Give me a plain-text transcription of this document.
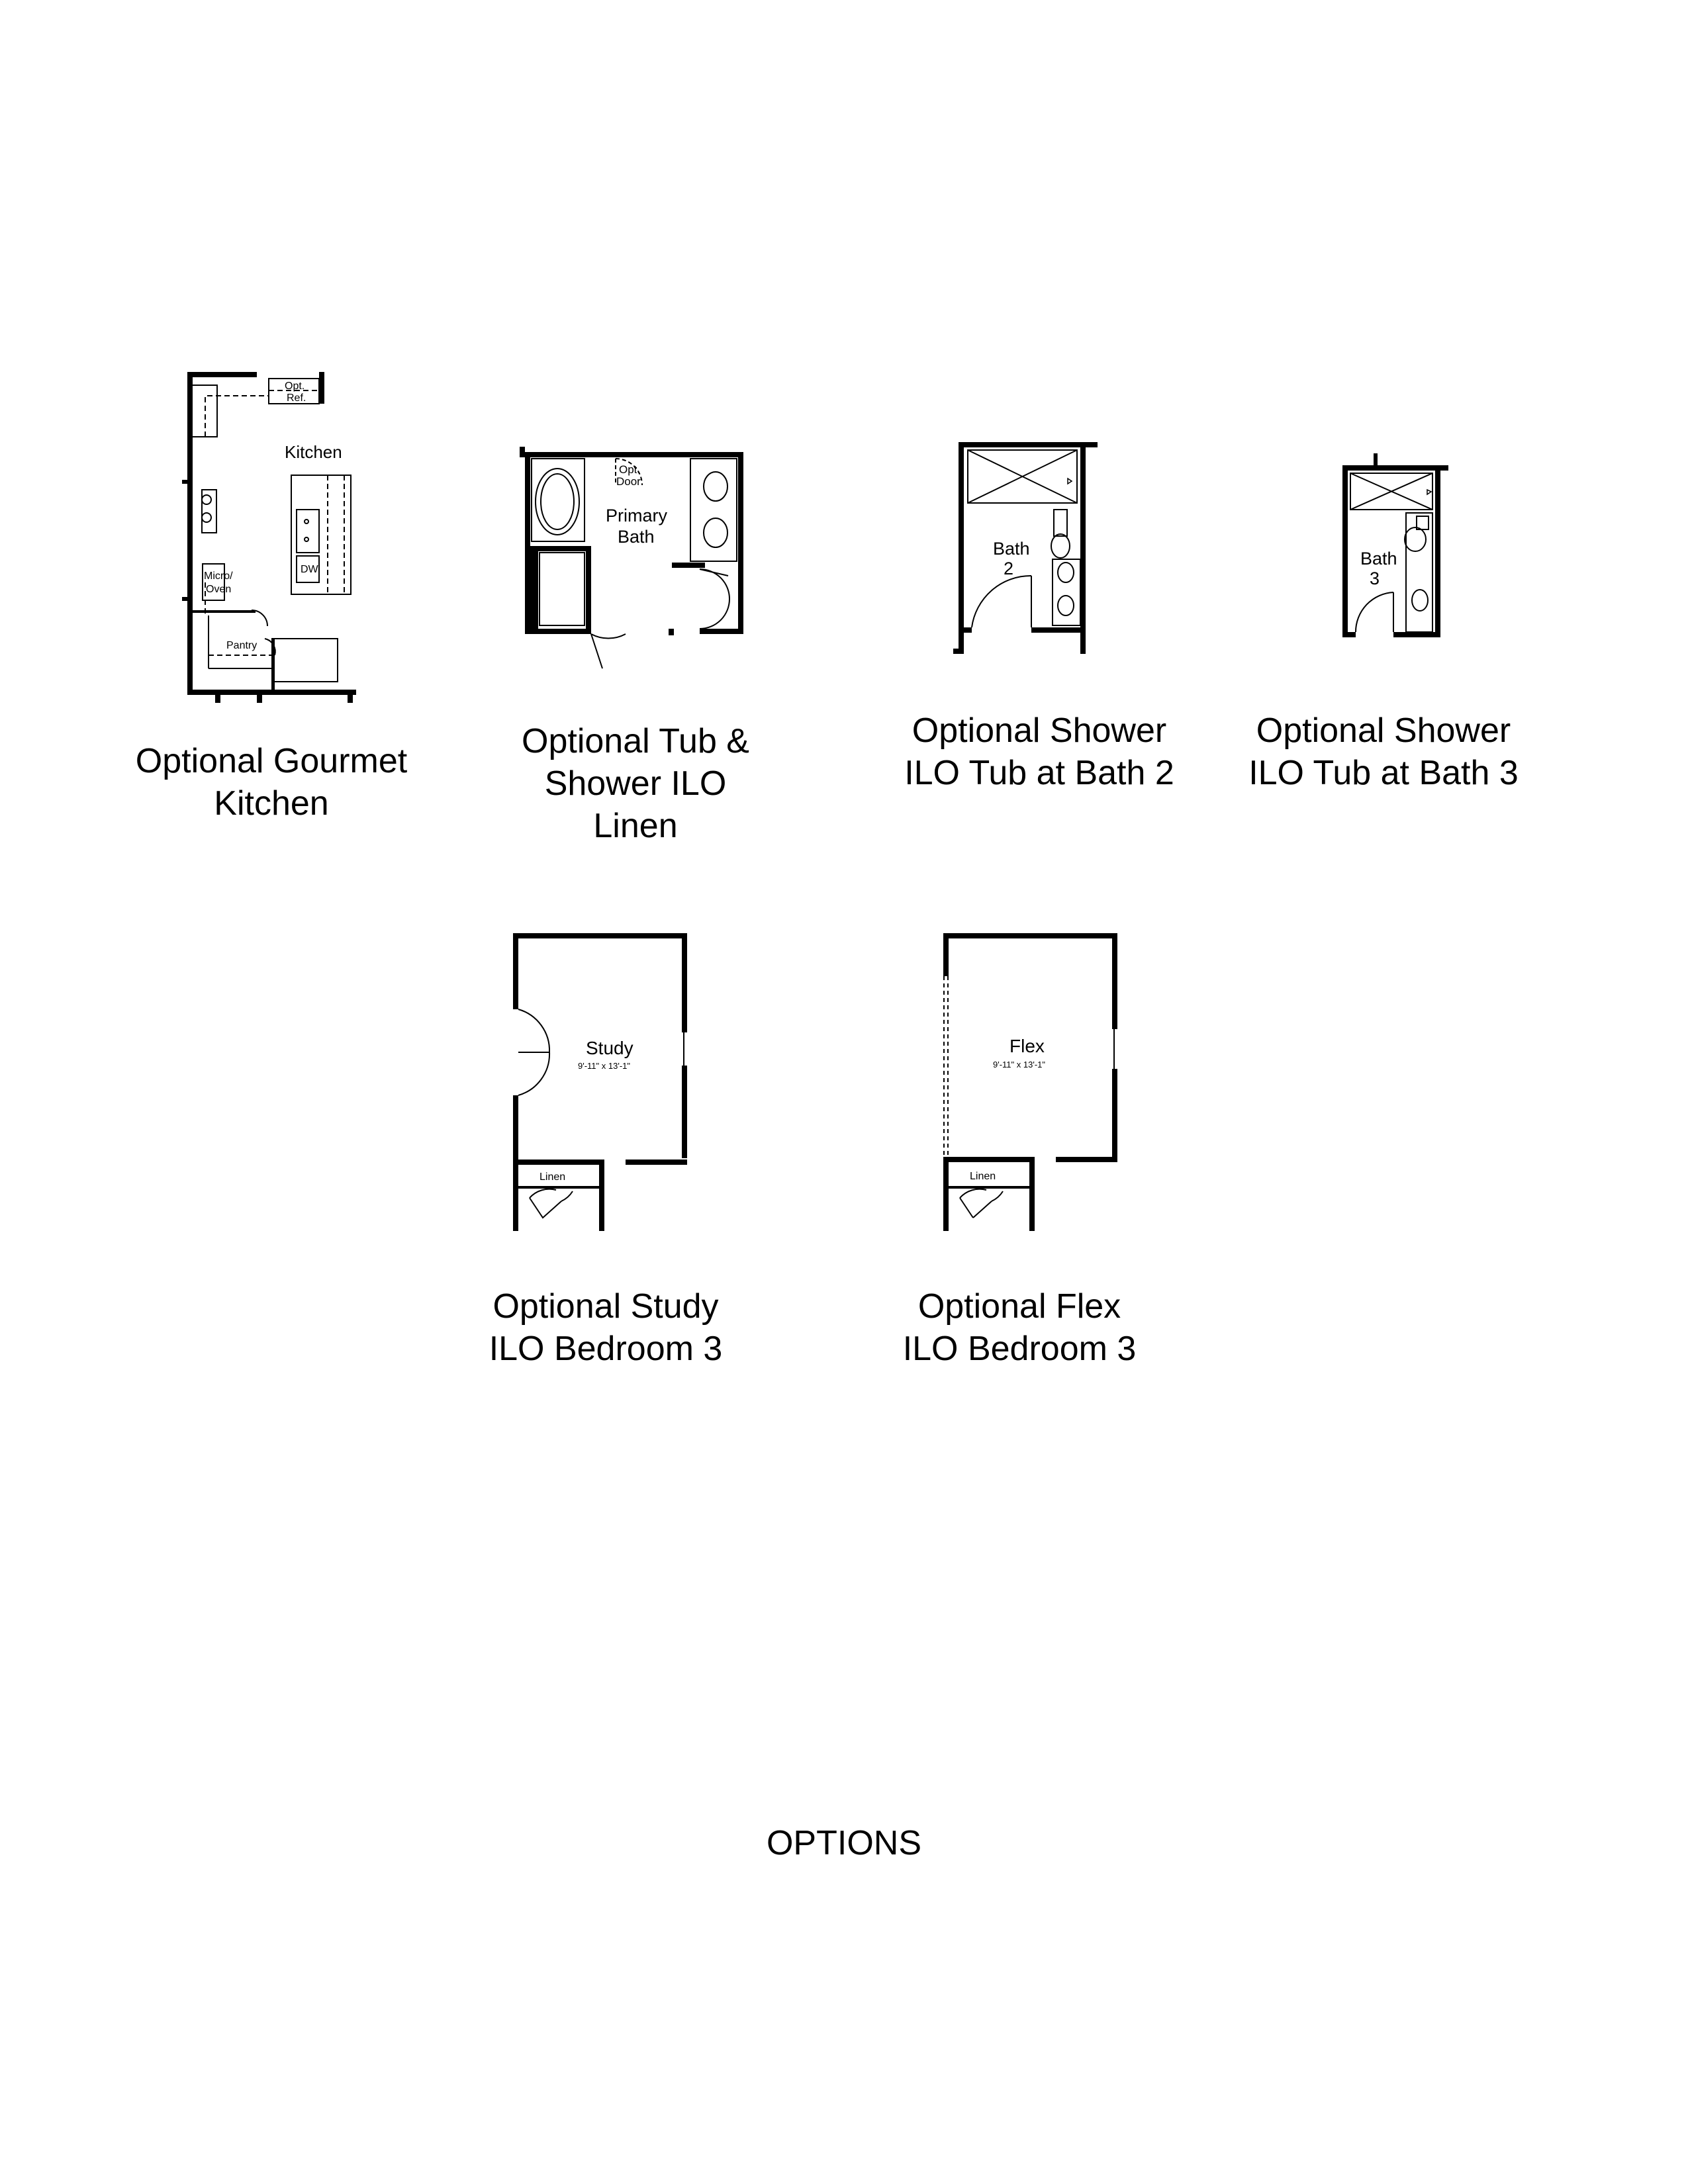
Kitchen
Opt.
Ref.
Micro/
Oven
DW
Pantry
Optional Gourmet
Kitchen
Opt.
Door
Primary
Bath
Optional Tub &
Shower ILO
Linen
Bath
2
Optional Shower
ILO Tub at Bath 2
Bath
3
Optional Shower
ILO Tub at Bath 3
Study
9'-11" x 13'-1"
Linen
Optional Study
ILO Bedroom 3
Flex
9'-11" x 13'-1"
Linen
Optional Flex
ILO Bedroom 3
OPTIONS
